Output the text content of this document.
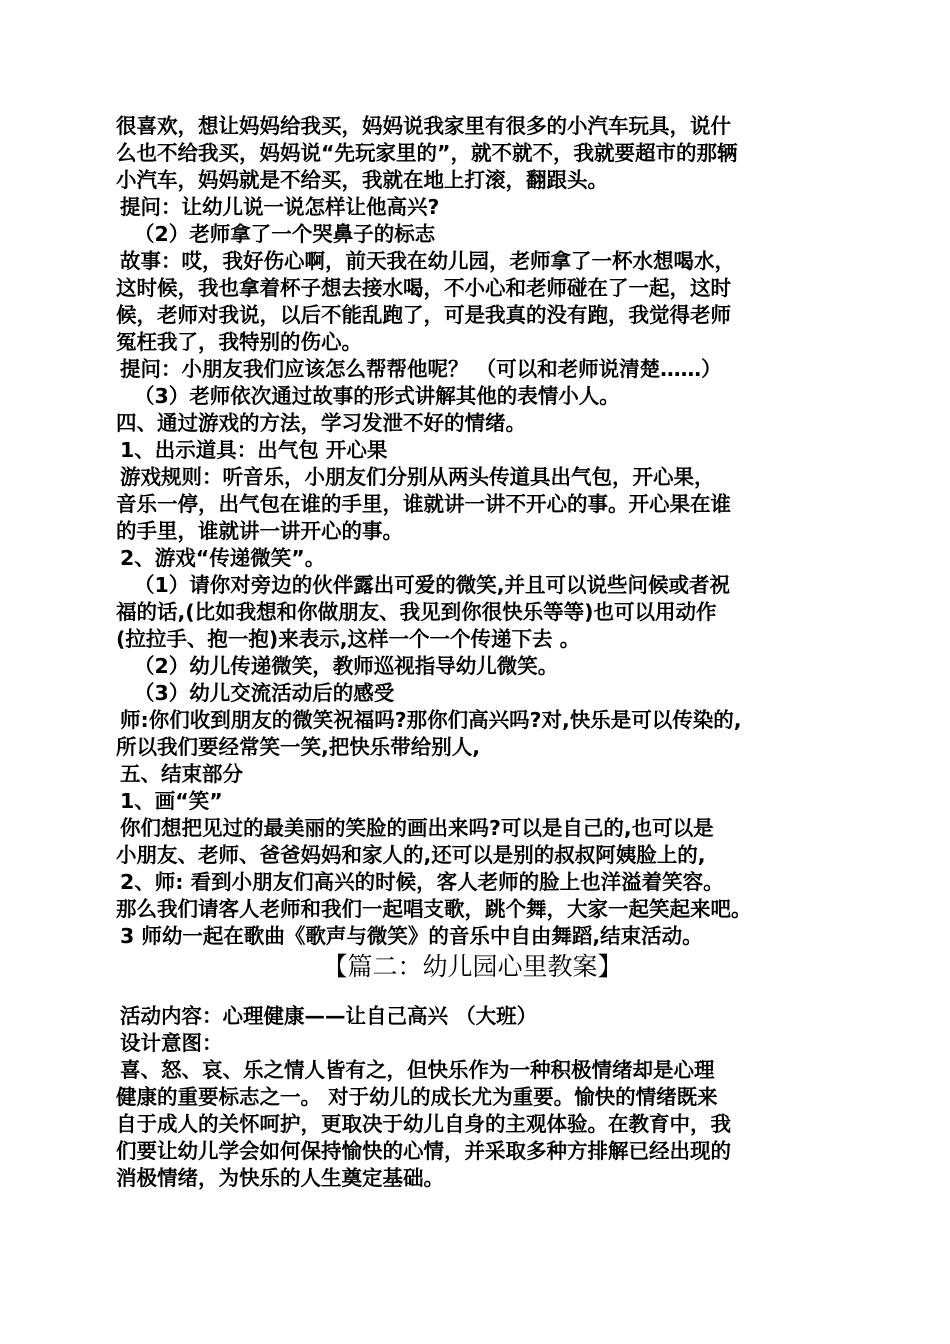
很喜欢，想让妈妈给我买，妈妈说我家里有很多的小汽车玩具，说什
么也不给我买，妈妈说“先玩家里的”，就不就不，我就要超市的那辆
小汽车，妈妈就是不给买，我就在地上打滚，翻跟头。
提问：让幼儿说一说怎样让他高兴?
（2）老师拿了一个哭鼻子的标志
故事：哎，我好伤心啊，前天我在幼儿园，老师拿了一杯水想喝水，
这时候，我也拿着杯子想去接水喝，不小心和老师碰在了一起，这时
候，老师对我说，以后不能乱跑了，可是我真的没有跑，我觉得老师
冤枉我了，我特别的伤心。
提问：小朋友我们应该怎么帮帮他呢？ （可以和老师说清楚……）
（3）老师依次通过故事的形式讲解其他的表情小人。
四、通过游戏的方法，学习发泄不好的情绪。
1、出示道具：出气包 开心果
游戏规则：听音乐，小朋友们分别从两头传道具出气包，开心果，
音乐一停，出气包在谁的手里，谁就讲一讲不开心的事。开心果在谁
的手里，谁就讲一讲开心的事。
2、游戏“传递微笑”。
（1）请你对旁边的伙伴露出可爱的微笑,并且可以说些问候或者祝
福的话,(比如我想和你做朋友、我见到你很快乐等等)也可以用动作
(拉拉手、抱一抱)来表示,这样一个一个传递下去 。
（2）幼儿传递微笑，教师巡视指导幼儿微笑。
（3）幼儿交流活动后的感受
师:你们收到朋友的微笑祝福吗?那你们高兴吗?对,快乐是可以传染的,
所以我们要经常笑一笑,把快乐带给别人,
五、结束部分
1、画“笑”
你们想把见过的最美丽的笑脸的画出来吗?可以是自己的,也可以是
小朋友、老师、爸爸妈妈和家人的,还可以是别的叔叔阿姨脸上的,
2、师: 看到小朋友们高兴的时候，客人老师的脸上也洋溢着笑容。
那么我们请客人老师和我们一起唱支歌，跳个舞，大家一起笑起来吧。
3 师幼一起在歌曲《歌声与微笑》的音乐中自由舞蹈,结束活动。
【篇二：幼儿园心里教案】
活动内容：心理健康——让自己高兴 （大班）
设计意图：
喜、怒、哀、乐之情人皆有之，但快乐作为一种积极情绪却是心理
健康的重要标志之一。 对于幼儿的成长尤为重要。愉快的情绪既来
自于成人的关怀呵护，更取决于幼儿自身的主观体验。在教育中，我
们要让幼儿学会如何保持愉快的心情，并采取多种方排解已经出现的
消极情绪，为快乐的人生奠定基础。
